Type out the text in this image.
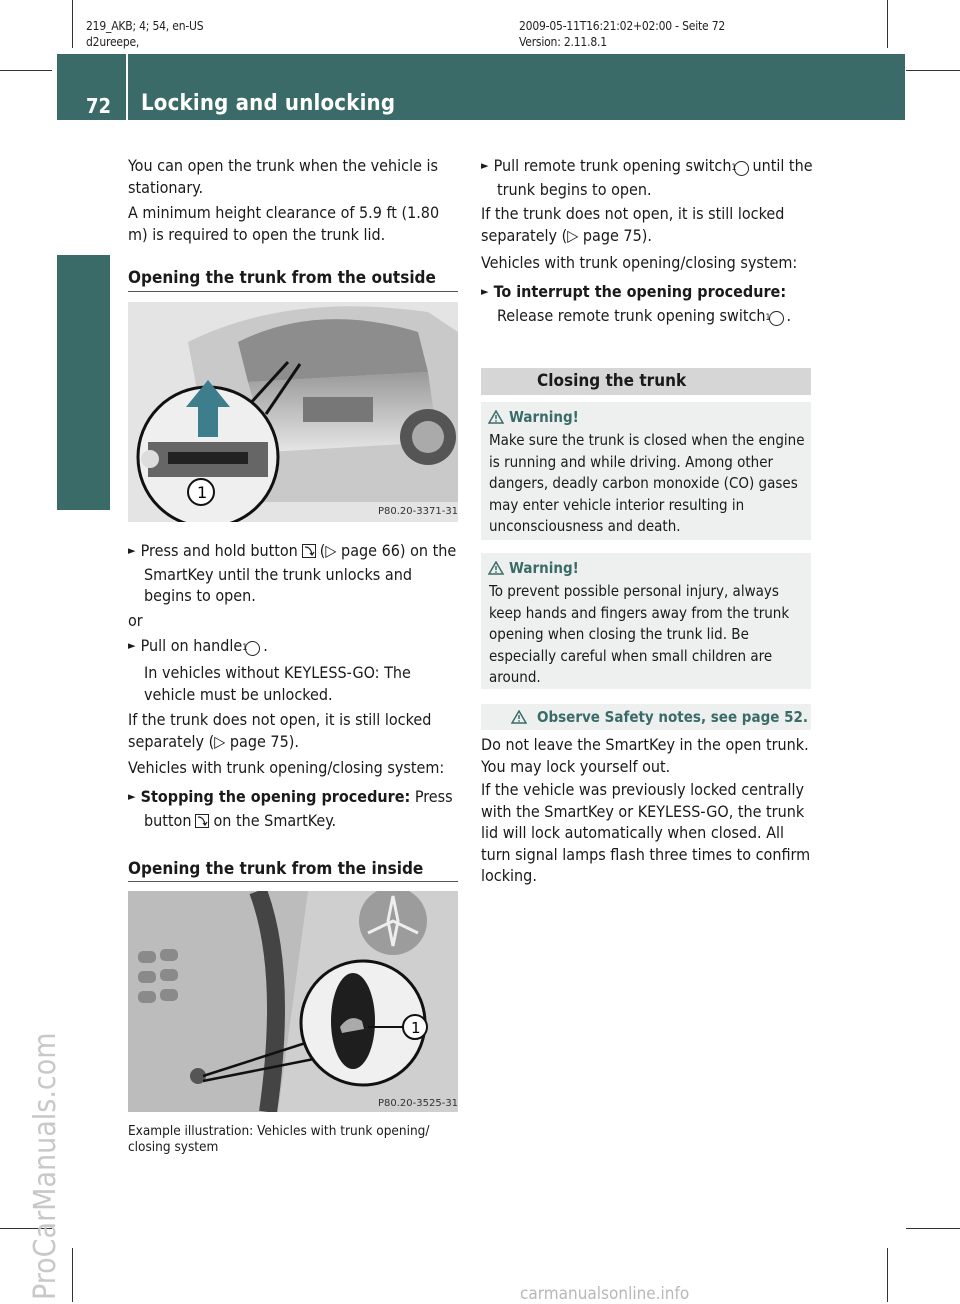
219_AKB; 4; 54, en-US
d2ureepe,
2009-05-11T16:21:02+02:00 - Seite 72
Version: 2.11.8.1
72 Locking and unlocking
Controls in detail
ProCarManuals.com	carmanualsonline.info

You can open the trunk when the vehicle is stationary.

A minimum height clearance of 5.9 ft (1.80 m) is required to open the trunk lid.

Opening the trunk from the outside
1
P80.20-3371-31

► Press and hold button (▷ page 66) on the SmartKey until the trunk unlocks and begins to open.

or

► Pull on handle1 .

In vehicles without KEYLESS-GO: The vehicle must be unlocked.

If the trunk does not open, it is still locked separately (▷ page 75).

Vehicles with trunk opening/closing system:

► Stopping the opening procedure: Press button on the SmartKey.

Opening the trunk from the inside
1
P80.20-3525-31

Example illustration: Vehicles with trunk opening/ closing system

► Pull remote trunk opening switch1 until the trunk begins to open.

If the trunk does not open, it is still locked separately (▷ page 75).

Vehicles with trunk opening/closing system:

► To interrupt the opening procedure:
Release remote trunk opening switch1 .

Closing the trunk
Warning!

Make sure the trunk is closed when the engine is running and while driving. Among other dangers, deadly carbon monoxide (CO) gases may enter vehicle interior resulting in unconsciousness and death.

Warning!

To prevent possible personal injury, always keep hands and fingers away from the trunk opening when closing the trunk lid. Be especially careful when small children are around.

Observe Safety notes, see page 52.

Do not leave the SmartKey in the open trunk. You may lock yourself out.

If the vehicle was previously locked centrally with the SmartKey or KEYLESS-GO, the trunk lid will lock automatically when closed. All turn signal lamps flash three times to confirm locking.
